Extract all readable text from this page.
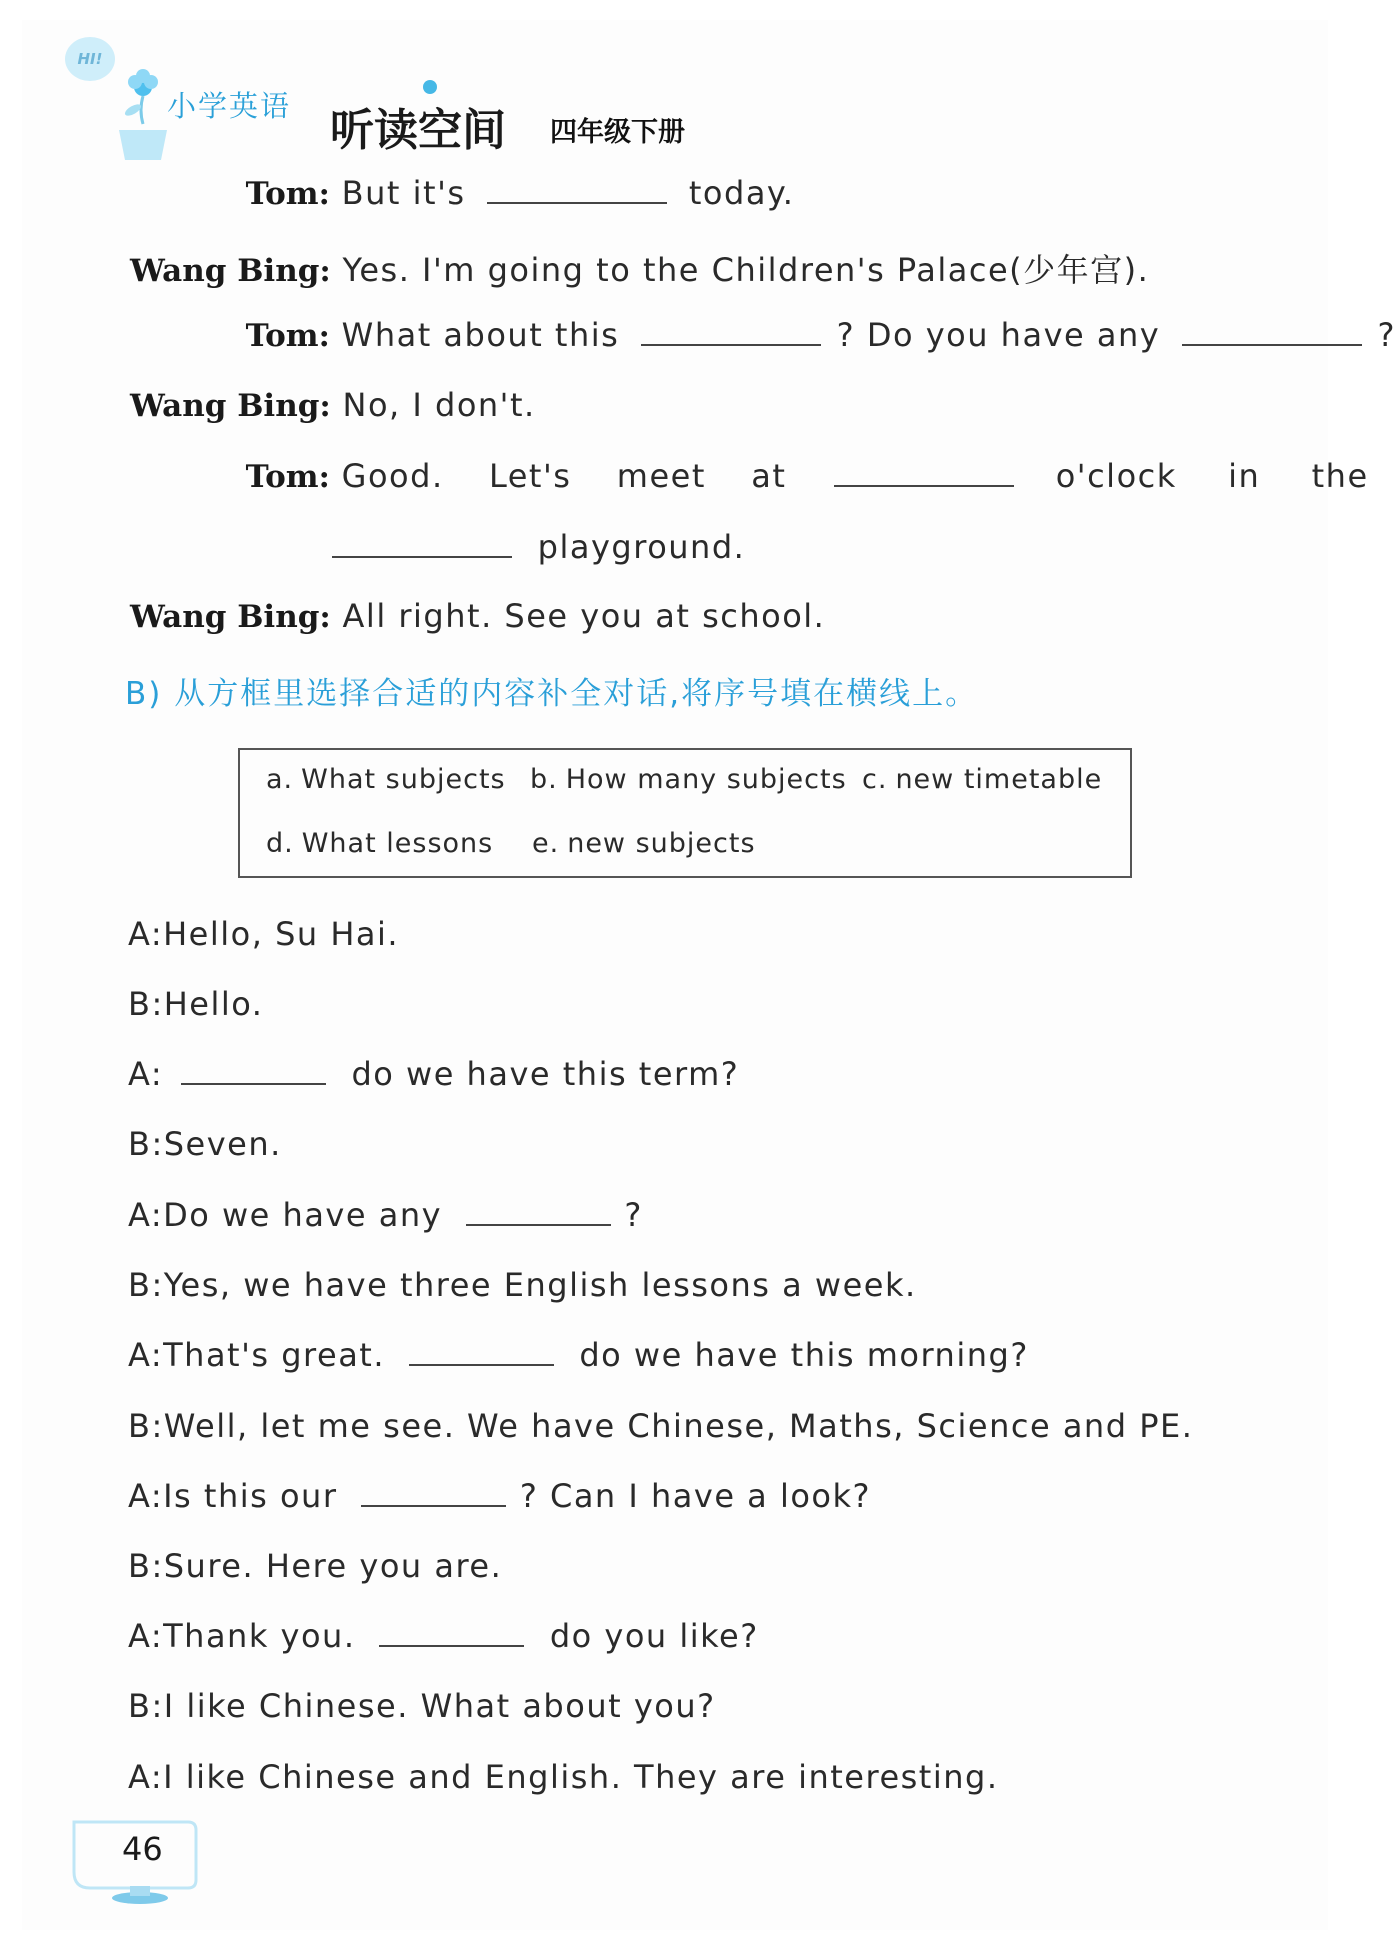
HI!
小学英语 听读空间 四年级下册
Tom: But it's	today.
Wang Bing: Yes. I'm going to the Children's Palace(少年宫).
Tom: What about this	? Do you have any	?
Wang Bing: No, I don't.
Tom: Good. Let's meet at	o'clock in the
playground.
Wang Bing: All right. See you at school.
B) 从方框里选择合适的内容补全对话,将序号填在横线上。
a. What subjects b. How many subjects c. new timetable
d. What lessons e. new subjects
A:Hello, Su Hai.
B:Hello.
A:	do we have this term?
B:Seven.
A:Do we have any	?
B:Yes, we have three English lessons a week.
A:That's great.	do we have this morning?
B:Well, let me see. We have Chinese, Maths, Science and PE.
A:Is this our	? Can I have a look?
B:Sure. Here you are.
A:Thank you.	do you like?
B:I like Chinese. What about you?
A:I like Chinese and English. They are interesting.
46
